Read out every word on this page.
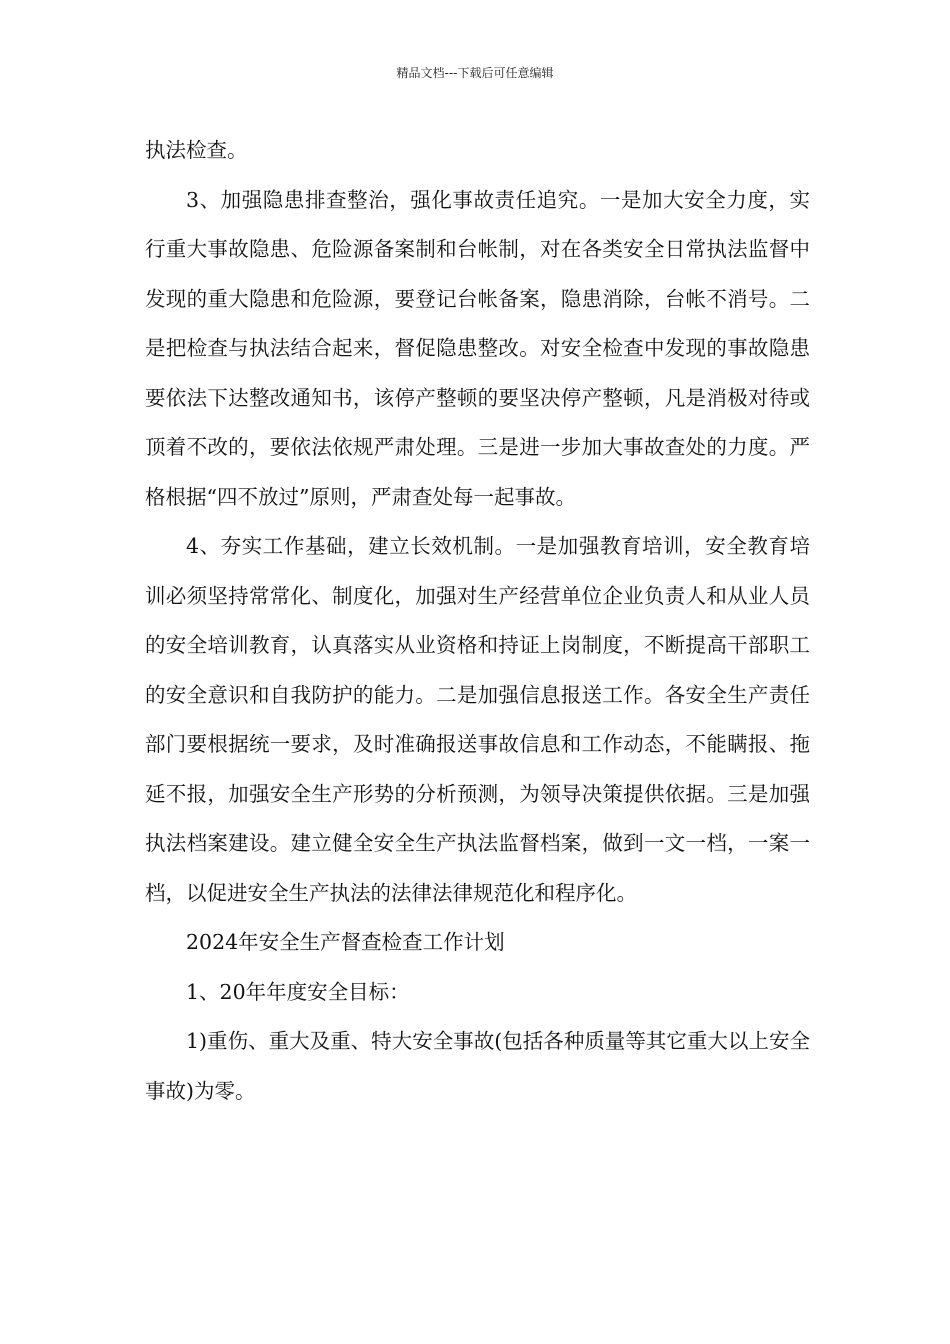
精品文档---下载后可任意编辑

执法检查。

3、加强隐患排查整治，强化事故责任追究。一是加大安全力度，实行重大事故隐患、危险源备案制和台帐制，对在各类安全日常执法监督中发现的重大隐患和危险源，要登记台帐备案，隐患消除，台帐不消号。二是把检查与执法结合起来，督促隐患整改。对安全检查中发现的事故隐患要依法下达整改通知书，该停产整顿的要坚决停产整顿，凡是消极对待或顶着不改的，要依法依规严肃处理。三是进一步加大事故查处的力度。严格根据“四不放过”原则，严肃查处每一起事故。

4、夯实工作基础，建立长效机制。一是加强教育培训，安全教育培训必须坚持常常化、制度化，加强对生产经营单位企业负责人和从业人员的安全培训教育，认真落实从业资格和持证上岗制度，不断提高干部职工的安全意识和自我防护的能力。二是加强信息报送工作。各安全生产责任部门要根据统一要求，及时准确报送事故信息和工作动态，不能瞒报、拖延不报，加强安全生产形势的分析预测，为领导决策提供依据。三是加强执法档案建设。建立健全安全生产执法监督档案，做到一文一档，一案一档，以促进安全生产执法的法律法律规范化和程序化。

2024年安全生产督查检查工作计划

1、20年年度安全目标：

1)重伤、重大及重、特大安全事故(包括各种质量等其它重大以上安全事故)为零。
